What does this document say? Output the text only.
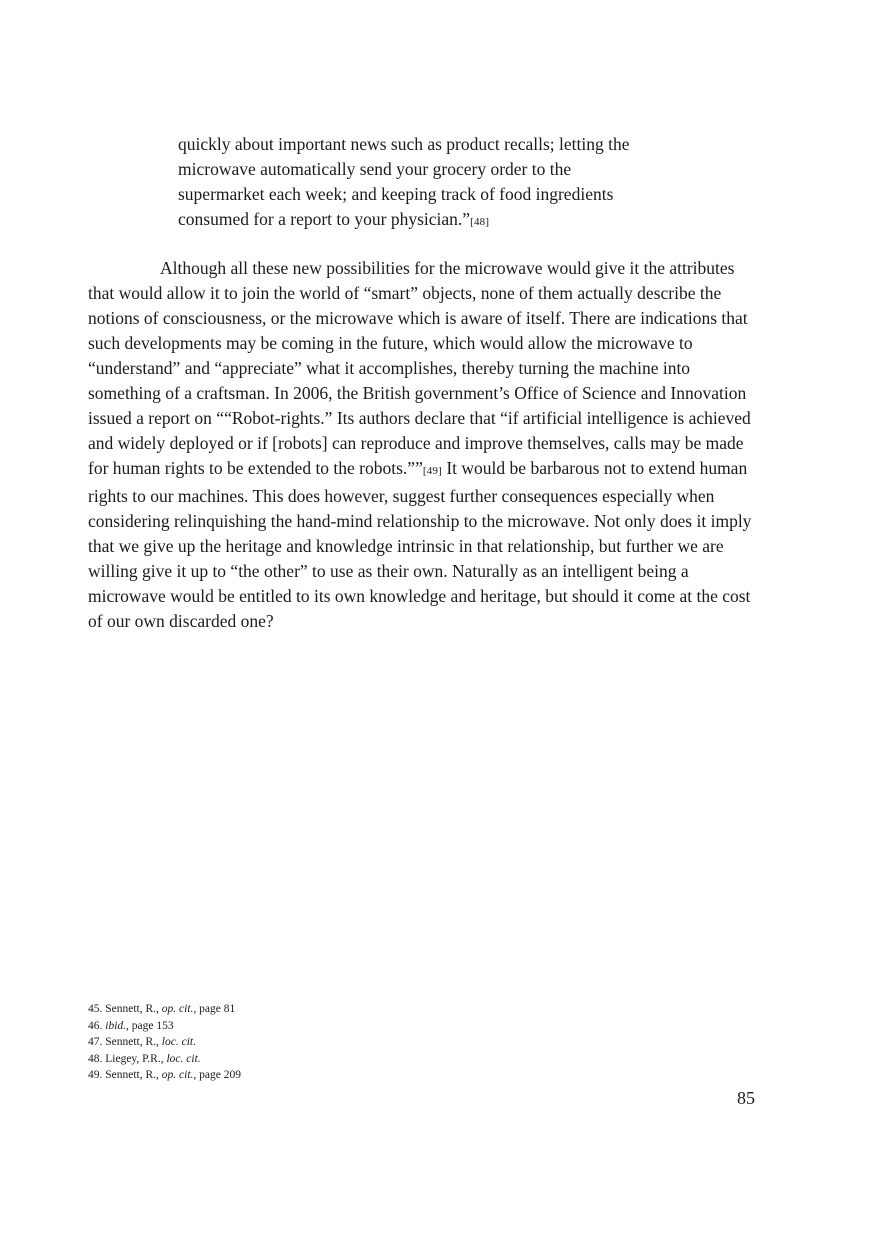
quickly about important news such as product recalls; letting the microwave automatically send your grocery order to the supermarket each week; and keeping track of food ingredients consumed for a report to your physician.”[48]
Although all these new possibilities for the microwave would give it the attributes that would allow it to join the world of “smart” objects, none of them actually describe the notions of consciousness, or the microwave which is aware of itself. There are indications that such developments may be coming in the future, which would allow the microwave to “understand” and “appreciate” what it accomplishes, thereby turning the machine into something of a craftsman. In 2006, the British government’s Office of Science and Innovation issued a report on ““Robot-rights.” Its authors declare that “if artificial intelligence is achieved and widely deployed or if [robots] can reproduce and improve themselves, calls may be made for human rights to be extended to the robots.””[49] It would be barbarous not to extend human rights to our machines. This does however, suggest further consequences especially when considering relinquishing the hand-mind relationship to the microwave. Not only does it imply that we give up the heritage and knowledge intrinsic in that relationship, but further we are willing give it up to “the other” to use as their own. Naturally as an intelligent being a microwave would be entitled to its own knowledge and heritage, but should it come at the cost of our own discarded one?
45. Sennett, R., op. cit., page 81
46. ibid., page 153
47. Sennett, R., loc. cit.
48. Liegey, P.R., loc. cit.
49. Sennett, R., op. cit., page 209
85
